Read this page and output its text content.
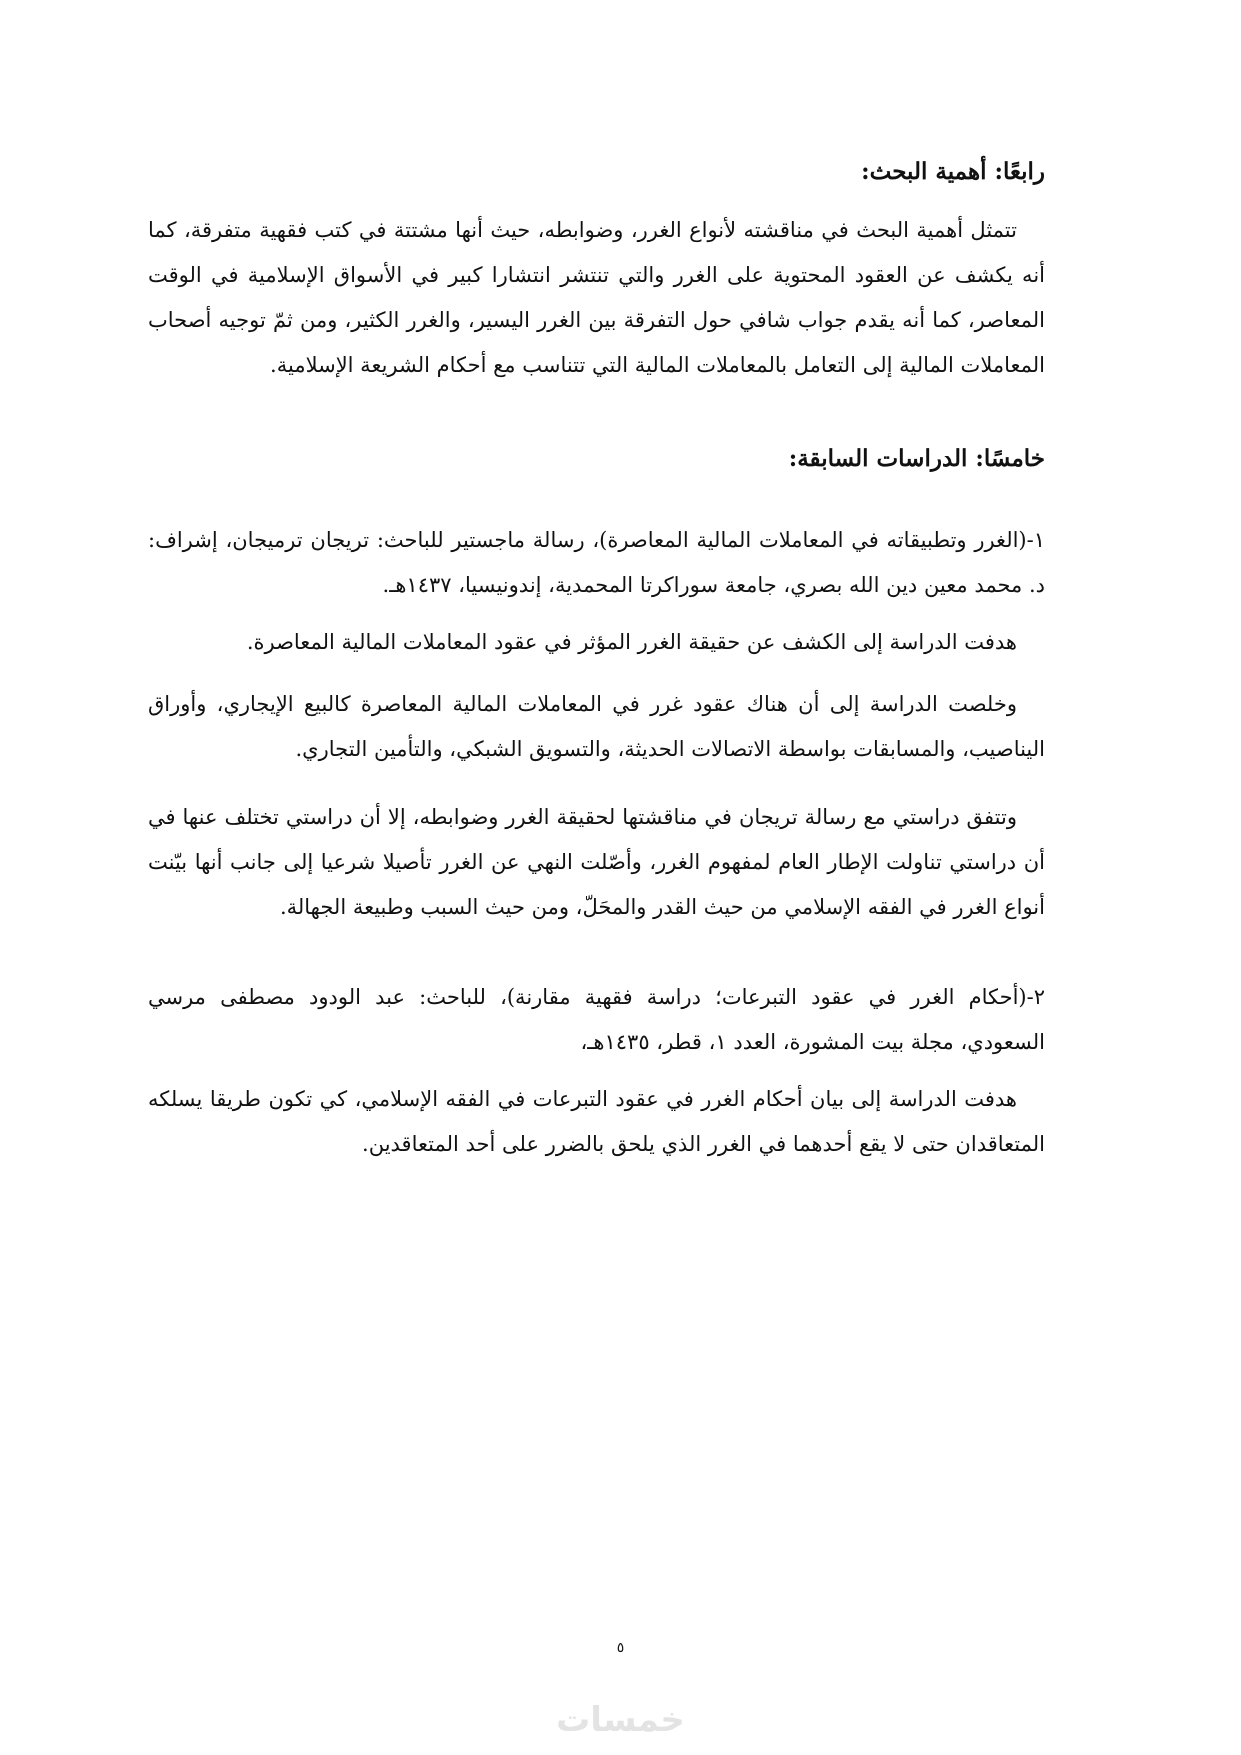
رابعًا: أهمية البحث:
تتمثل أهمية البحث في مناقشته لأنواع الغرر، وضوابطه، حيث أنها مشتتة في كتب فقهية متفرقة، كما أنه يكشف عن العقود المحتوية على الغرر والتي تنتشر انتشارا كبير في الأسواق الإسلامية في الوقت المعاصر، كما أنه يقدم جواب شافي حول التفرقة بين الغرر اليسير، والغرر الكثير، ومن ثمّ توجيه أصحاب المعاملات المالية إلى التعامل بالمعاملات المالية التي تتناسب مع أحكام الشريعة الإسلامية.
خامسًا: الدراسات السابقة:
١-(الغرر وتطبيقاته في المعاملات المالية المعاصرة)، رسالة ماجستير للباحث: تريجان ترميجان، إشراف: د. محمد معين دين الله بصري، جامعة سوراكرتا المحمدية، إندونيسيا، ١٤٣٧هـ.
هدفت الدراسة إلى الكشف عن حقيقة الغرر المؤثر في عقود المعاملات المالية المعاصرة.
وخلصت الدراسة إلى أن هناك عقود غرر في المعاملات المالية المعاصرة كالبيع الإيجاري، وأوراق اليناصيب، والمسابقات بواسطة الاتصالات الحديثة، والتسويق الشبكي، والتأمين التجاري.
وتتفق دراستي مع رسالة تريجان في مناقشتها لحقيقة الغرر وضوابطه، إلا أن دراستي تختلف عنها في أن دراستي تناولت الإطار العام لمفهوم الغرر، وأصّلت النهي عن الغرر تأصيلا شرعيا إلى جانب أنها بيّنت أنواع الغرر في الفقه الإسلامي من حيث القدر والمحَلّ، ومن حيث السبب وطبيعة الجهالة.
٢-(أحكام الغرر في عقود التبرعات؛ دراسة فقهية مقارنة)، للباحث: عبد الودود مصطفى مرسي السعودي، مجلة بيت المشورة، العدد ١، قطر، ١٤٣٥هـ،
هدفت الدراسة إلى بيان أحكام الغرر في عقود التبرعات في الفقه الإسلامي، كي تكون طريقا يسلكه المتعاقدان حتى لا يقع أحدهما في الغرر الذي يلحق بالضرر على أحد المتعاقدين.
٥
خمسات
